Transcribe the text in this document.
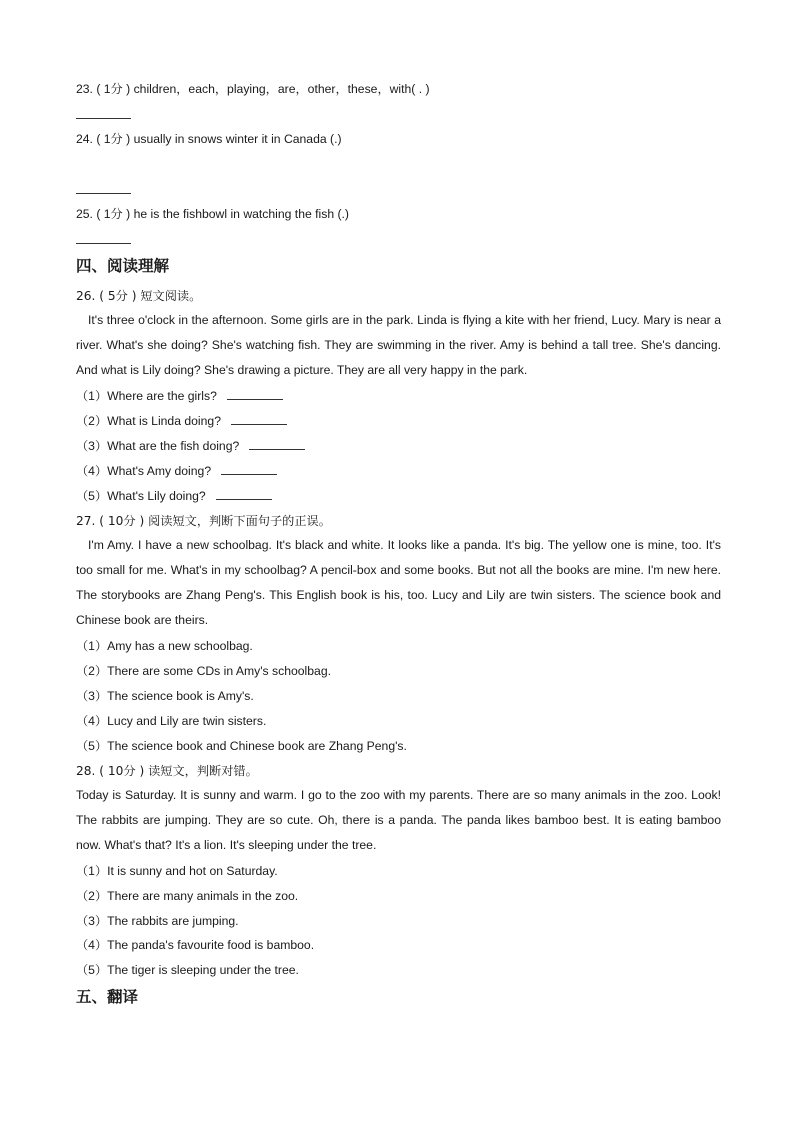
23. ( 1分 ) children，each，playing，are，other，these，with( . )
24. ( 1分 ) usually in snows winter it in Canada (.)
25. ( 1分 ) he is the fishbowl in watching the fish (.)
四、阅读理解
26. ( 5分 ) 短文阅读。
It's three o'clock in the afternoon. Some girls are in the park. Linda is flying a kite with her friend, Lucy. Mary is near a river. What's she doing? She's watching fish. They are swimming in the river. Amy is behind a tall tree. She's dancing. And what is Lily doing? She's drawing a picture. They are all very happy in the park.
（1）Where are the girls?
（2）What is Linda doing?
（3）What are the fish doing?
（4）What's Amy doing?
（5）What's Lily doing?
27. ( 10分 ) 阅读短文，判断下面句子的正误。
I'm Amy. I have a new schoolbag. It's black and white. It looks like a panda. It's big. The yellow one is mine, too. It's too small for me. What's in my schoolbag? A pencil-box and some books. But not all the books are mine. I'm new here. The storybooks are Zhang Peng's. This English book is his, too. Lucy and Lily are twin sisters. The science book and Chinese book are theirs.
（1）Amy has a new schoolbag.
（2）There are some CDs in Amy's schoolbag.
（3）The science book is Amy's.
（4）Lucy and Lily are twin sisters.
（5）The science book and Chinese book are Zhang Peng's.
28. ( 10分 ) 读短文，判断对错。
Today is Saturday. It is sunny and warm. I go to the zoo with my parents. There are so many animals in the zoo. Look! The rabbits are jumping. They are so cute. Oh, there is a panda. The panda likes bamboo best. It is eating bamboo now. What's that? It's a lion. It's sleeping under the tree.
（1）It is sunny and hot on Saturday.
（2）There are many animals in the zoo.
（3）The rabbits are jumping.
（4）The panda's favourite food is bamboo.
（5）The tiger is sleeping under the tree.
五、翻译
